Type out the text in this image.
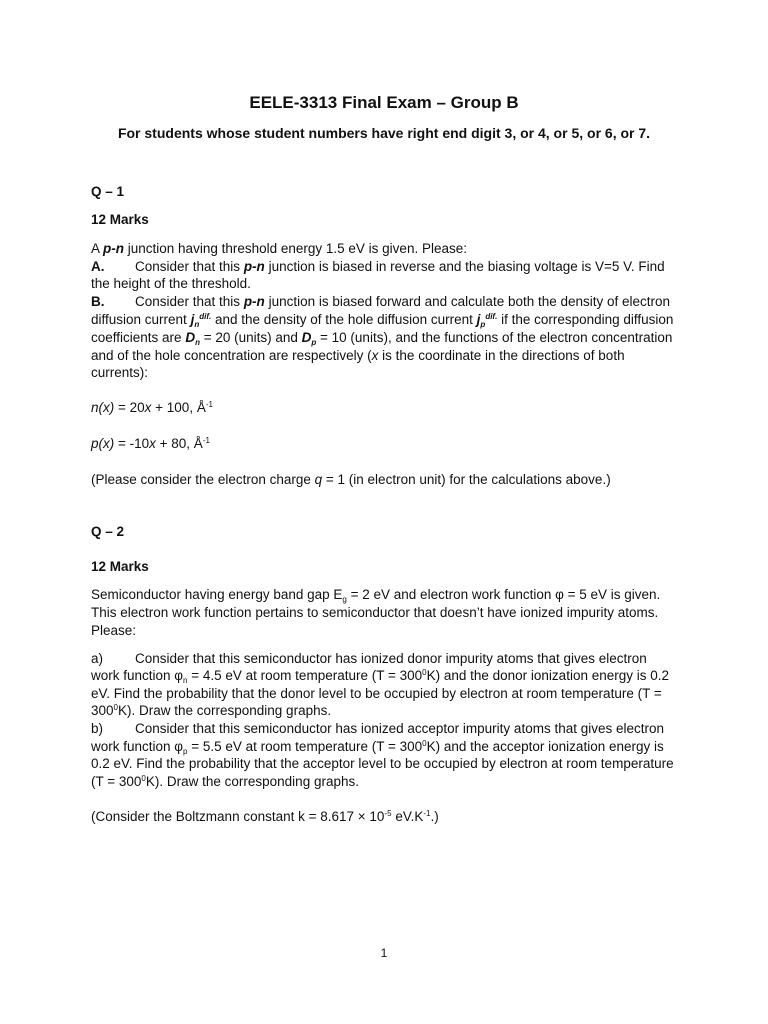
EELE-3313 Final Exam – Group B
For students whose student numbers have right end digit 3, or 4, or 5, or 6, or 7.
Q – 1
12 Marks
A p-n junction having threshold energy 1.5 eV is given. Please:
A. Consider that this p-n junction is biased in reverse and the biasing voltage is V=5 V. Find
the height of the threshold.
B. Consider that this p-n junction is biased forward and calculate both the density of electron
diffusion current $j_n^{dif.}$ and the density of the hole diffusion current $j_p^{dif.}$ if the corresponding diffusion
coefficients are $D_n = 20$ (units) and $D_p = 10$ (units), and the functions of the electron concentration
and of the hole concentration are respectively (x is the coordinate in the directions of both
currents):
n(x) = 20x + 100, $Å^{-1}$
p(x) = -10x + 80, $Å^{-1}$
(Please consider the electron charge q = 1 (in electron unit) for the calculations above.)
Q – 2
12 Marks
Semiconductor having energy band gap $E_g = 2$ eV and electron work function φ = 5 eV is given.
This electron work function pertains to semiconductor that doesn’t have ionized impurity atoms.
Please:
a) Consider that this semiconductor has ionized donor impurity atoms that gives electron
work function $\varphi_n = 4.5$ eV at room temperature $(T = 300^0K)$ and the donor ionization energy is 0.2
eV. Find the probability that the donor level to be occupied by electron at room temperature (T =
$300^0K$). Draw the corresponding graphs.
b) Consider that this semiconductor has ionized acceptor impurity atoms that gives electron
work function $\varphi_p = 5.5$ eV at room temperature $(T = 300^0K)$ and the acceptor ionization energy is
0.2 eV. Find the probability that the acceptor level to be occupied by electron at room temperature
$(T = 300^0K)$. Draw the corresponding graphs.
(Consider the Boltzmann constant $k = 8.617 \times 10^{-5}$ $eV.K^{-1}$.)
1
